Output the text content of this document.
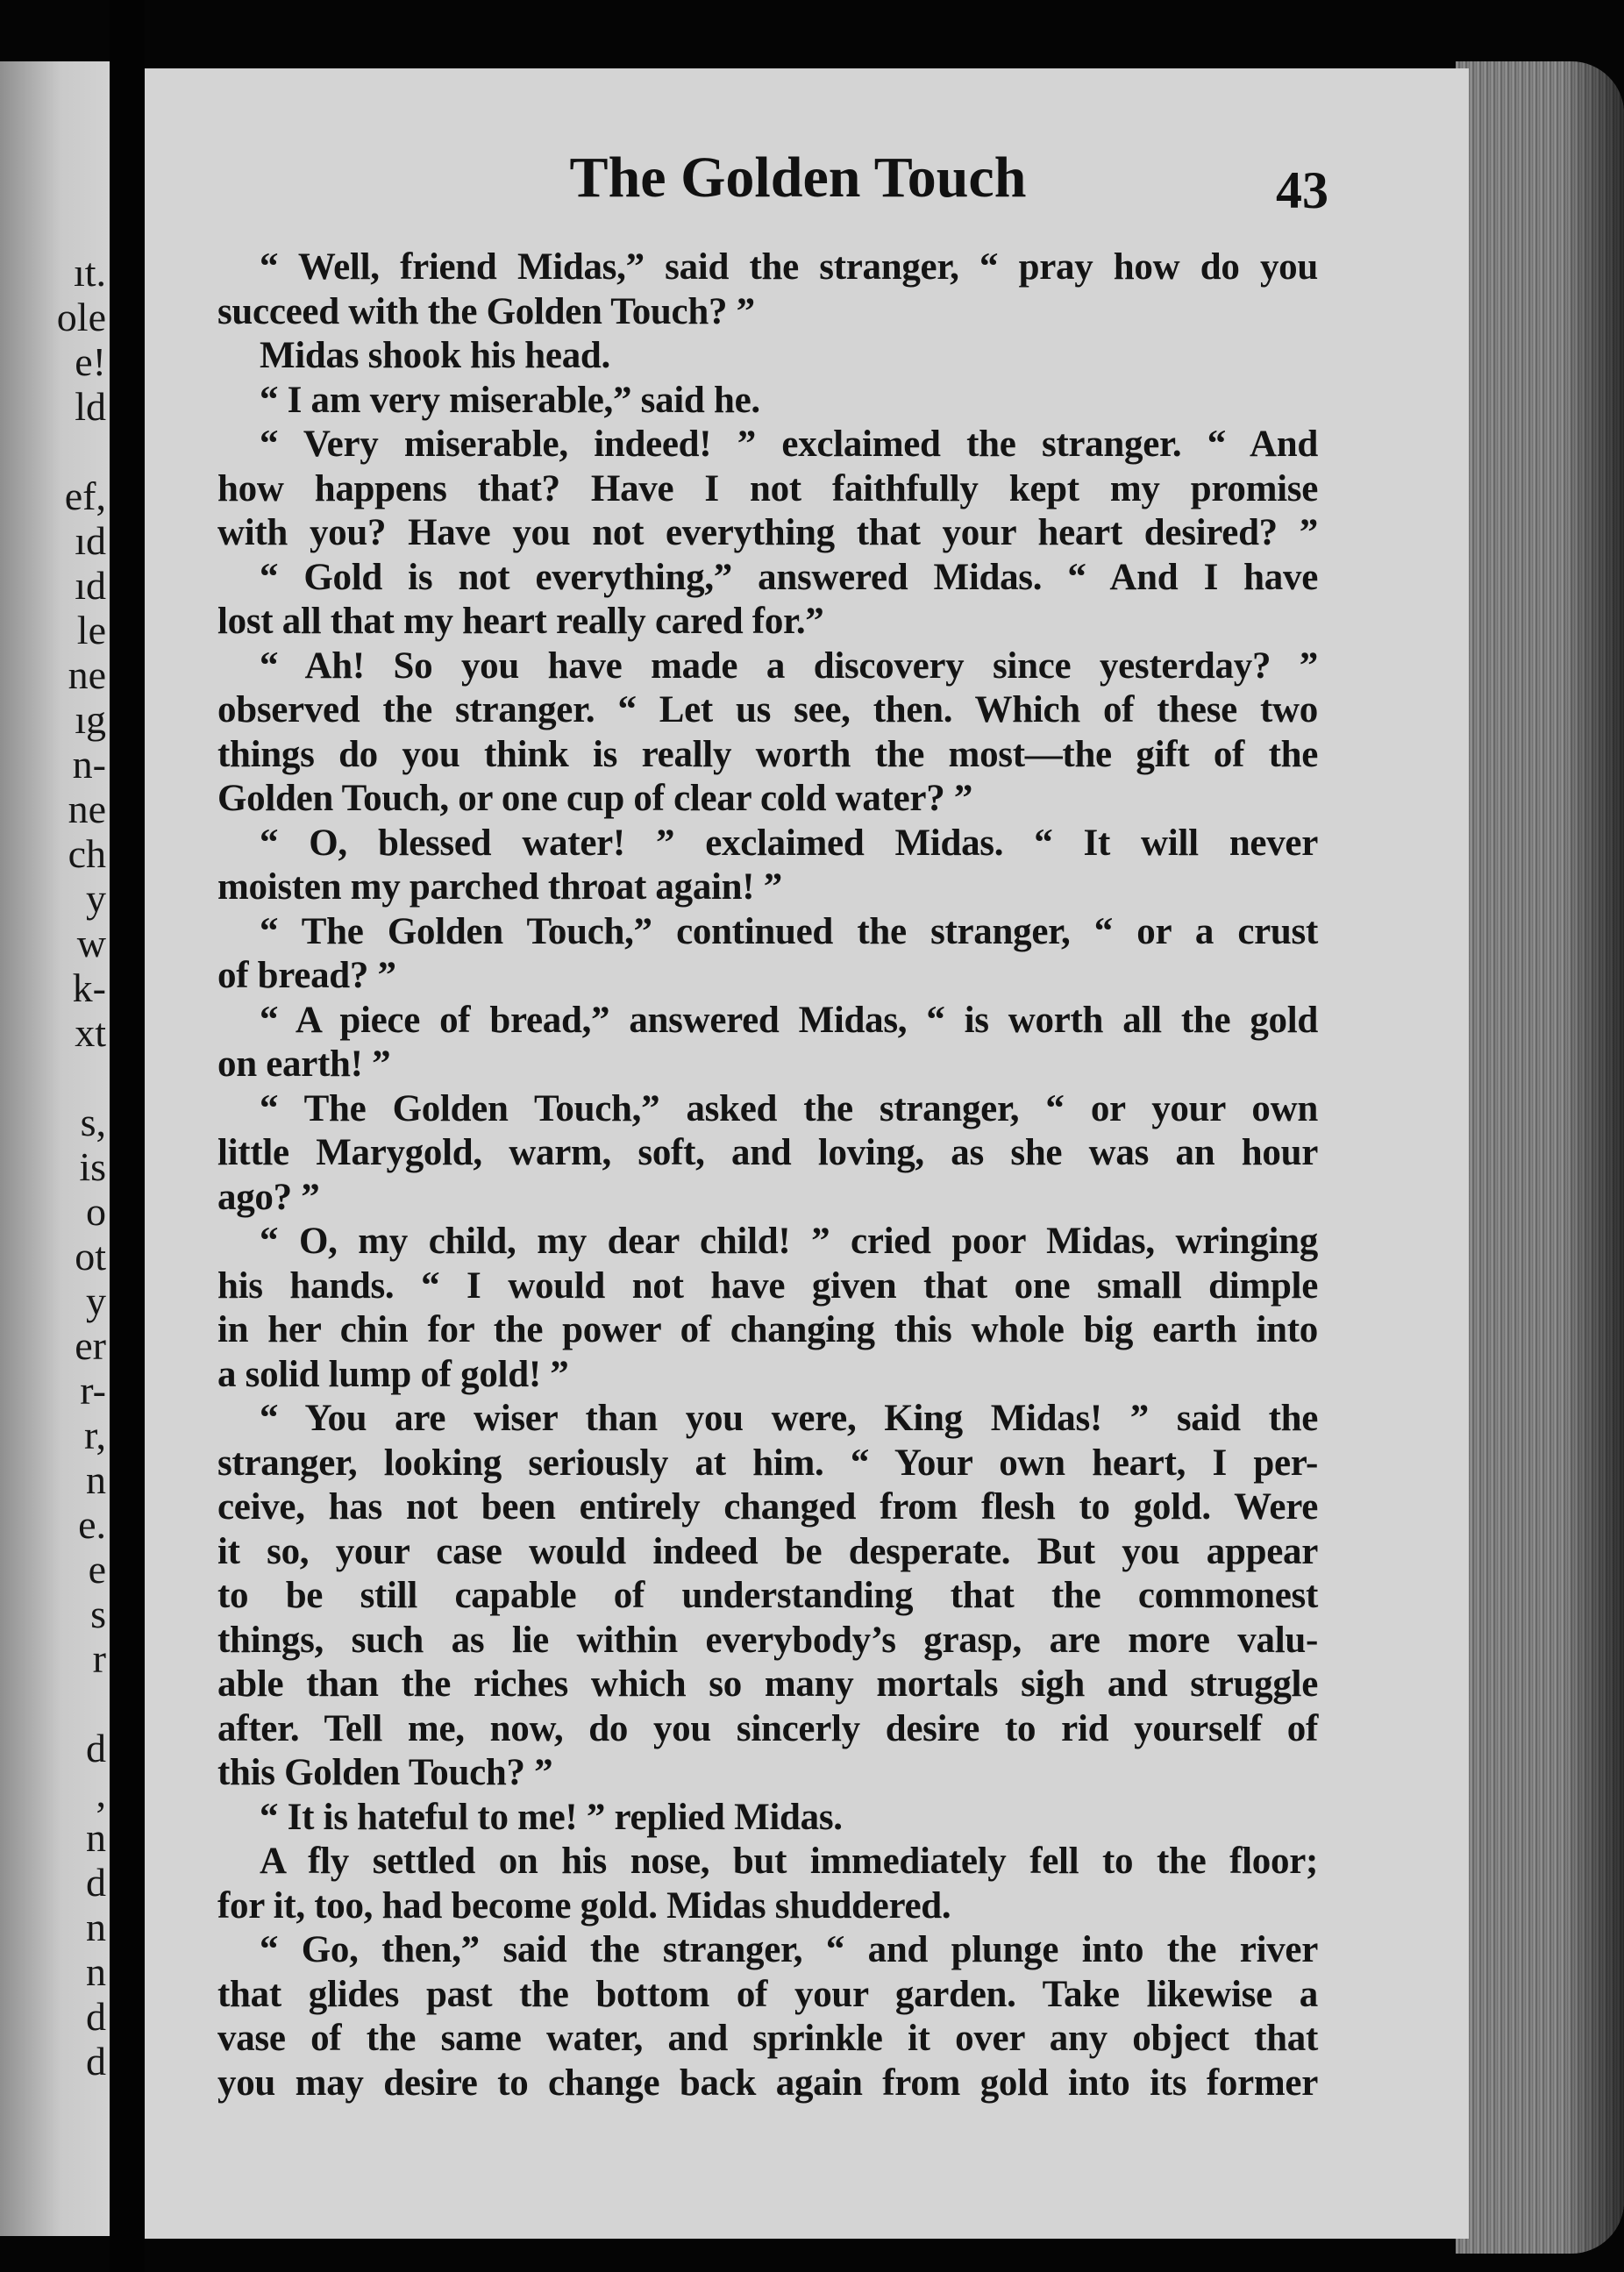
ıt.
ole
e!
ld
ef,
ıd
ıd
le
ne
ıg
n-
ne
ch
y
w
k-
xt
s,
is
o
ot
y
er
r-
r,
n
e.
e
s
r
d
,
n
d
n
n
d
d
The Golden Touch	43
“ Well, friend Midas,” said the stranger, “ pray how do you
succeed with the Golden Touch? ”
Midas shook his head.
“ I am very miserable,” said he.
“ Very miserable, indeed! ” exclaimed the stranger. “ And
how happens that? Have I not faithfully kept my promise
with you? Have you not everything that your heart desired? ”
“ Gold is not everything,” answered Midas. “ And I have
lost all that my heart really cared for.”
“ Ah! So you have made a discovery since yesterday? ”
observed the stranger. “ Let us see, then. Which of these two
things do you think is really worth the most—the gift of the
Golden Touch, or one cup of clear cold water? ”
“ O, blessed water! ” exclaimed Midas. “ It will never
moisten my parched throat again! ”
“ The Golden Touch,” continued the stranger, “ or a crust
of bread? ”
“ A piece of bread,” answered Midas, “ is worth all the gold
on earth! ”
“ The Golden Touch,” asked the stranger, “ or your own
little Marygold, warm, soft, and loving, as she was an hour
ago? ”
“ O, my child, my dear child! ” cried poor Midas, wringing
his hands. “ I would not have given that one small dimple
in her chin for the power of changing this whole big earth into
a solid lump of gold! ”
“ You are wiser than you were, King Midas! ” said the
stranger, looking seriously at him. “ Your own heart, I per-
ceive, has not been entirely changed from flesh to gold. Were
it so, your case would indeed be desperate. But you appear
to be still capable of understanding that the commonest
things, such as lie within everybody’s grasp, are more valu-
able than the riches which so many mortals sigh and struggle
after. Tell me, now, do you sincerly desire to rid yourself of
this Golden Touch? ”
“ It is hateful to me! ” replied Midas.
A fly settled on his nose, but immediately fell to the floor;
for it, too, had become gold. Midas shuddered.
“ Go, then,” said the stranger, “ and plunge into the river
that glides past the bottom of your garden. Take likewise a
vase of the same water, and sprinkle it over any object that
you may desire to change back again from gold into its former
